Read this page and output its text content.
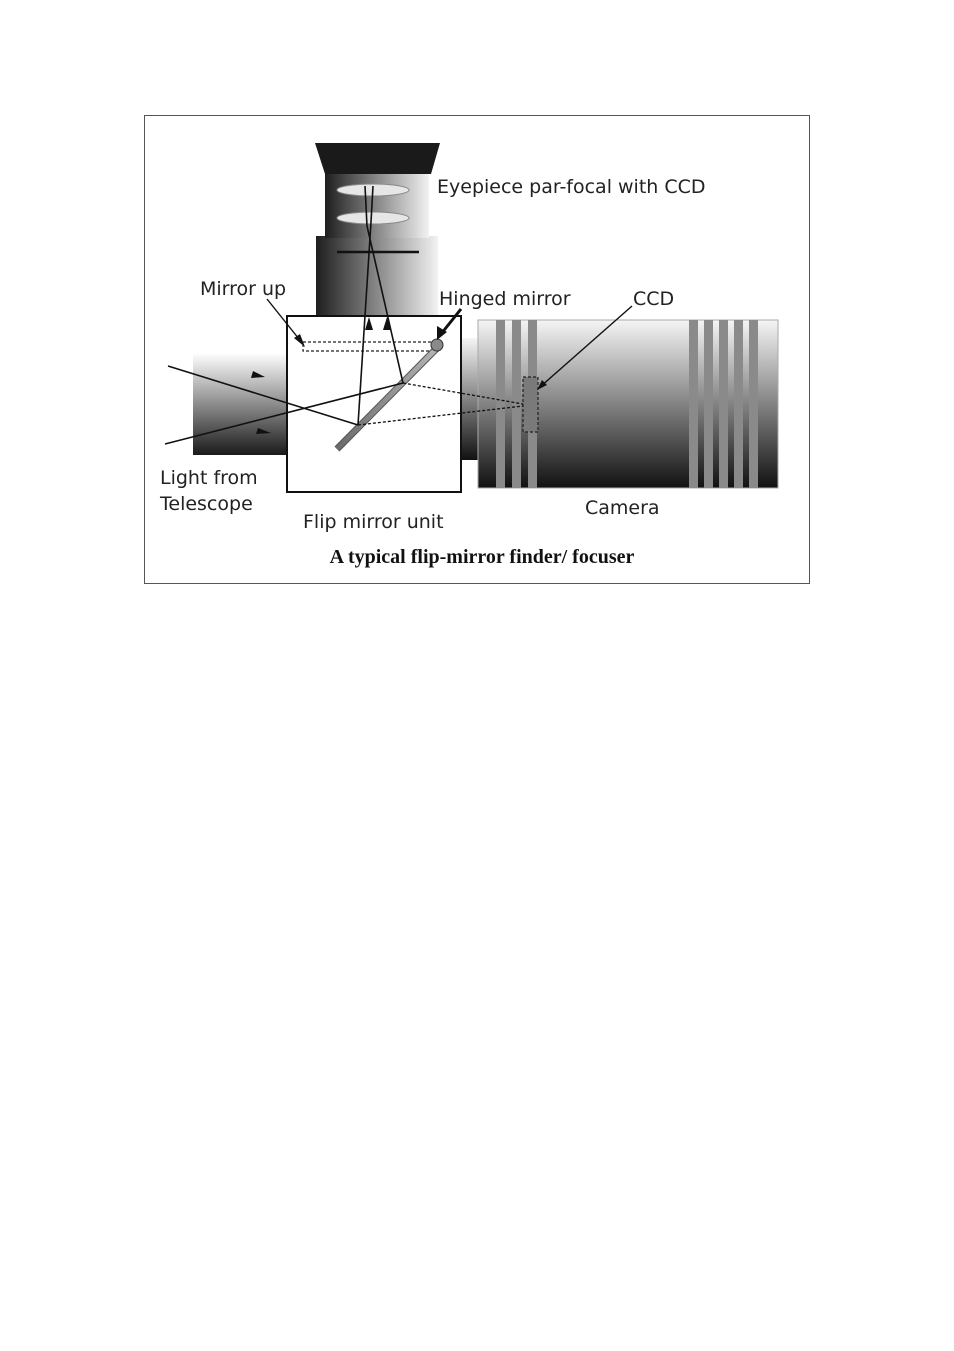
Eyepiece par-focal with CCD
Mirror up	Hinged mirror	CCD
Light from
Telescope
Flip mirror unit
Camera
A typical flip-mirror finder/ focuser
